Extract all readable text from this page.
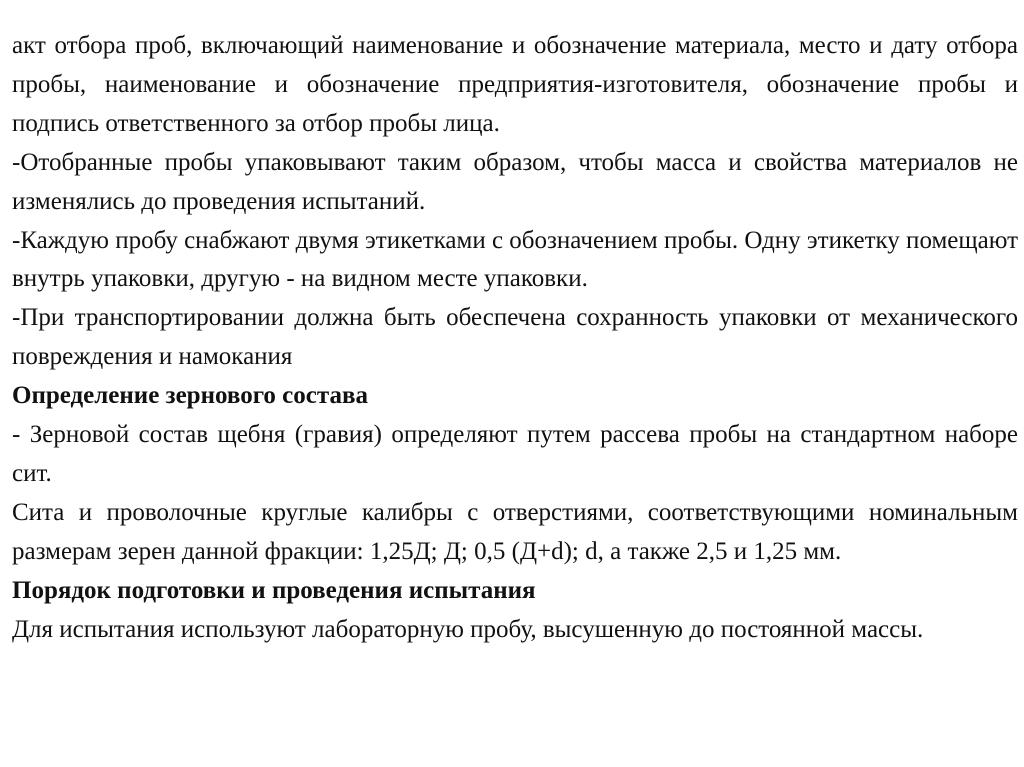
акт отбора проб, включающий наименование и обозначение материала, место и дату отбора пробы, наименование и обозначение предприятия-изготовителя, обозначение пробы и подпись ответственного за отбор пробы лица.

-Отобранные пробы упаковывают таким образом, чтобы масса и свойства материалов не изменялись до проведения испытаний.

-Каждую пробу снабжают двумя этикетками с обозначением пробы. Одну этикетку помещают внутрь упаковки, другую - на видном месте упаковки.

-При транспортировании должна быть обеспечена сохранность упаковки от механического повреждения и намокания

Определение зернового состава

- Зерновой состав щебня (гравия) определяют путем рассева пробы на стандартном наборе сит.

Сита и проволочные круглые калибры с отверстиями, соответствующими номинальным размерам зерен данной фракции: 1,25Д; Д; 0,5 (Д+d); d, а также 2,5 и 1,25 мм.

Порядок подготовки и проведения испытания

Для испытания используют лабораторную пробу, высушенную до постоянной массы.
